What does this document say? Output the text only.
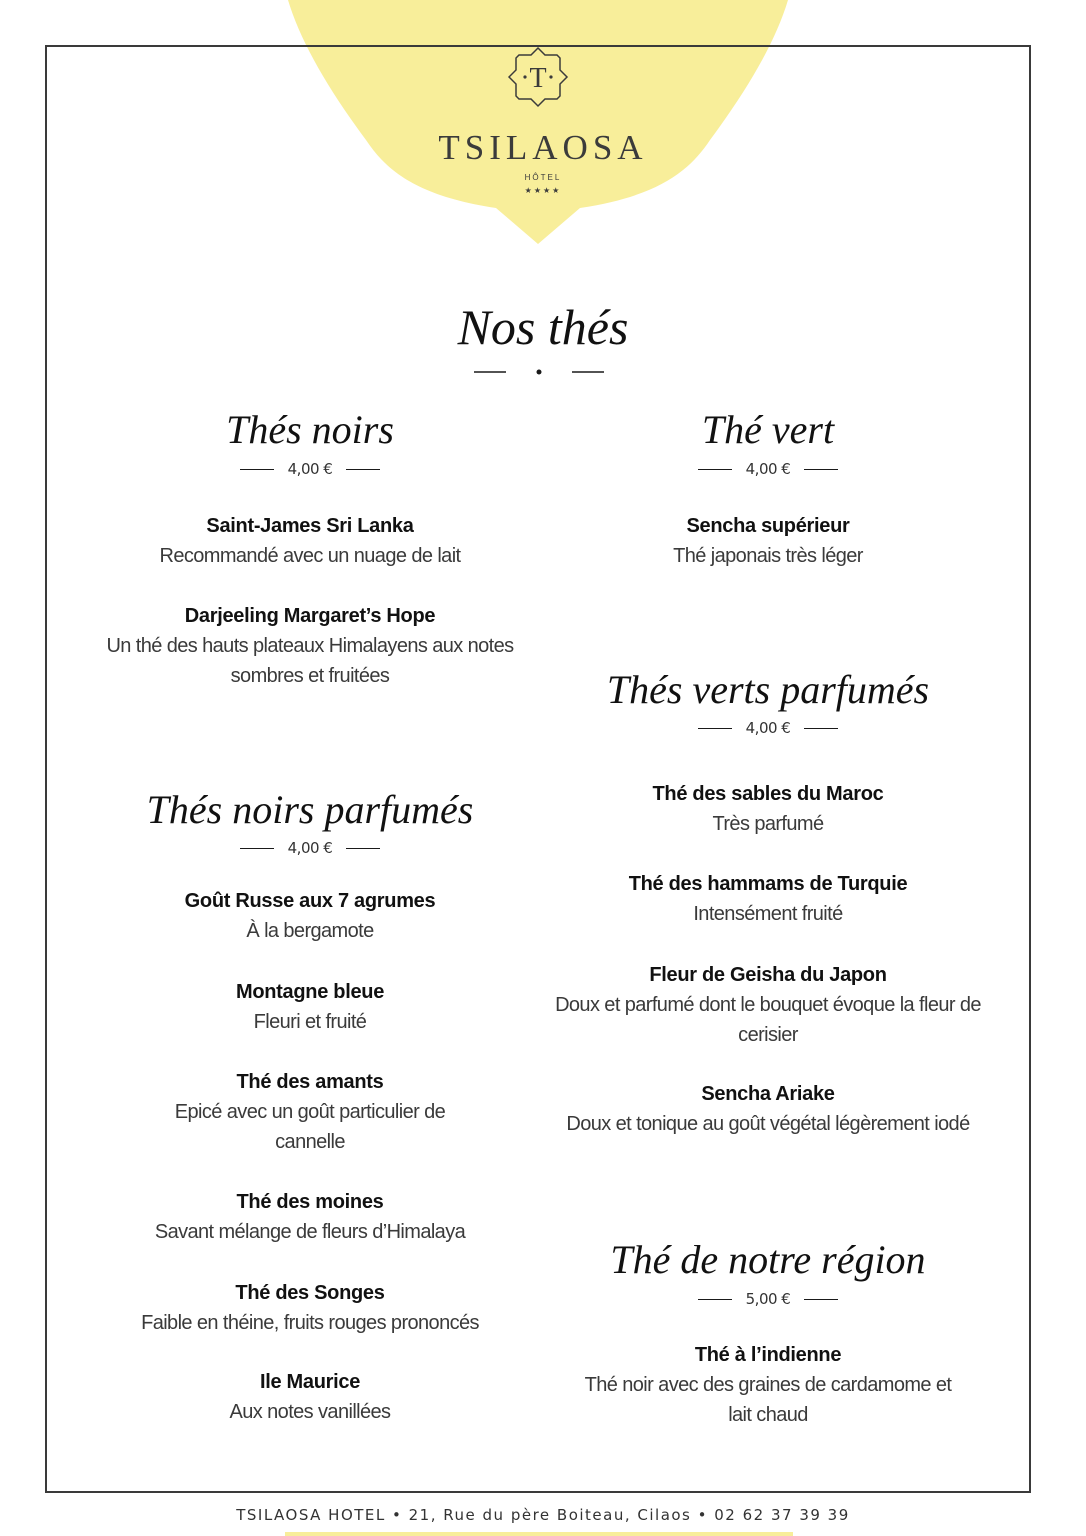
T
TSILAOSA
HÔTEL
★★★★
Nos thés
Thés noirs
4,00 €
Saint-James Sri Lanka
Recommandé avec un nuage de lait
Darjeeling Margaret’s Hope
Un thé des hauts plateaux Himalayens aux notes
sombres et fruitées
Thés noirs parfumés
4,00 €
Goût Russe aux 7 agrumes
À la bergamote
Montagne bleue
Fleuri et fruité
Thé des amants
Epicé avec un goût particulier de
cannelle
Thé des moines
Savant mélange de fleurs d’Himalaya
Thé des Songes
Faible en théine, fruits rouges prononcés
Ile Maurice
Aux notes vanillées
Thé vert
4,00 €
Sencha supérieur
Thé japonais très léger
Thés verts parfumés
4,00 €
Thé des sables du Maroc
Très parfumé
Thé des hammams de Turquie
Intensément fruité
Fleur de Geisha du Japon
Doux et parfumé dont le bouquet évoque la fleur de
cerisier
Sencha Ariake
Doux et tonique au goût végétal légèrement iodé
Thé de notre région
5,00 €
Thé à l’indienne
Thé noir avec des graines de cardamome et
lait chaud
TSILAOSA HOTEL • 21, Rue du père Boiteau, Cilaos • 02 62 37 39 39
